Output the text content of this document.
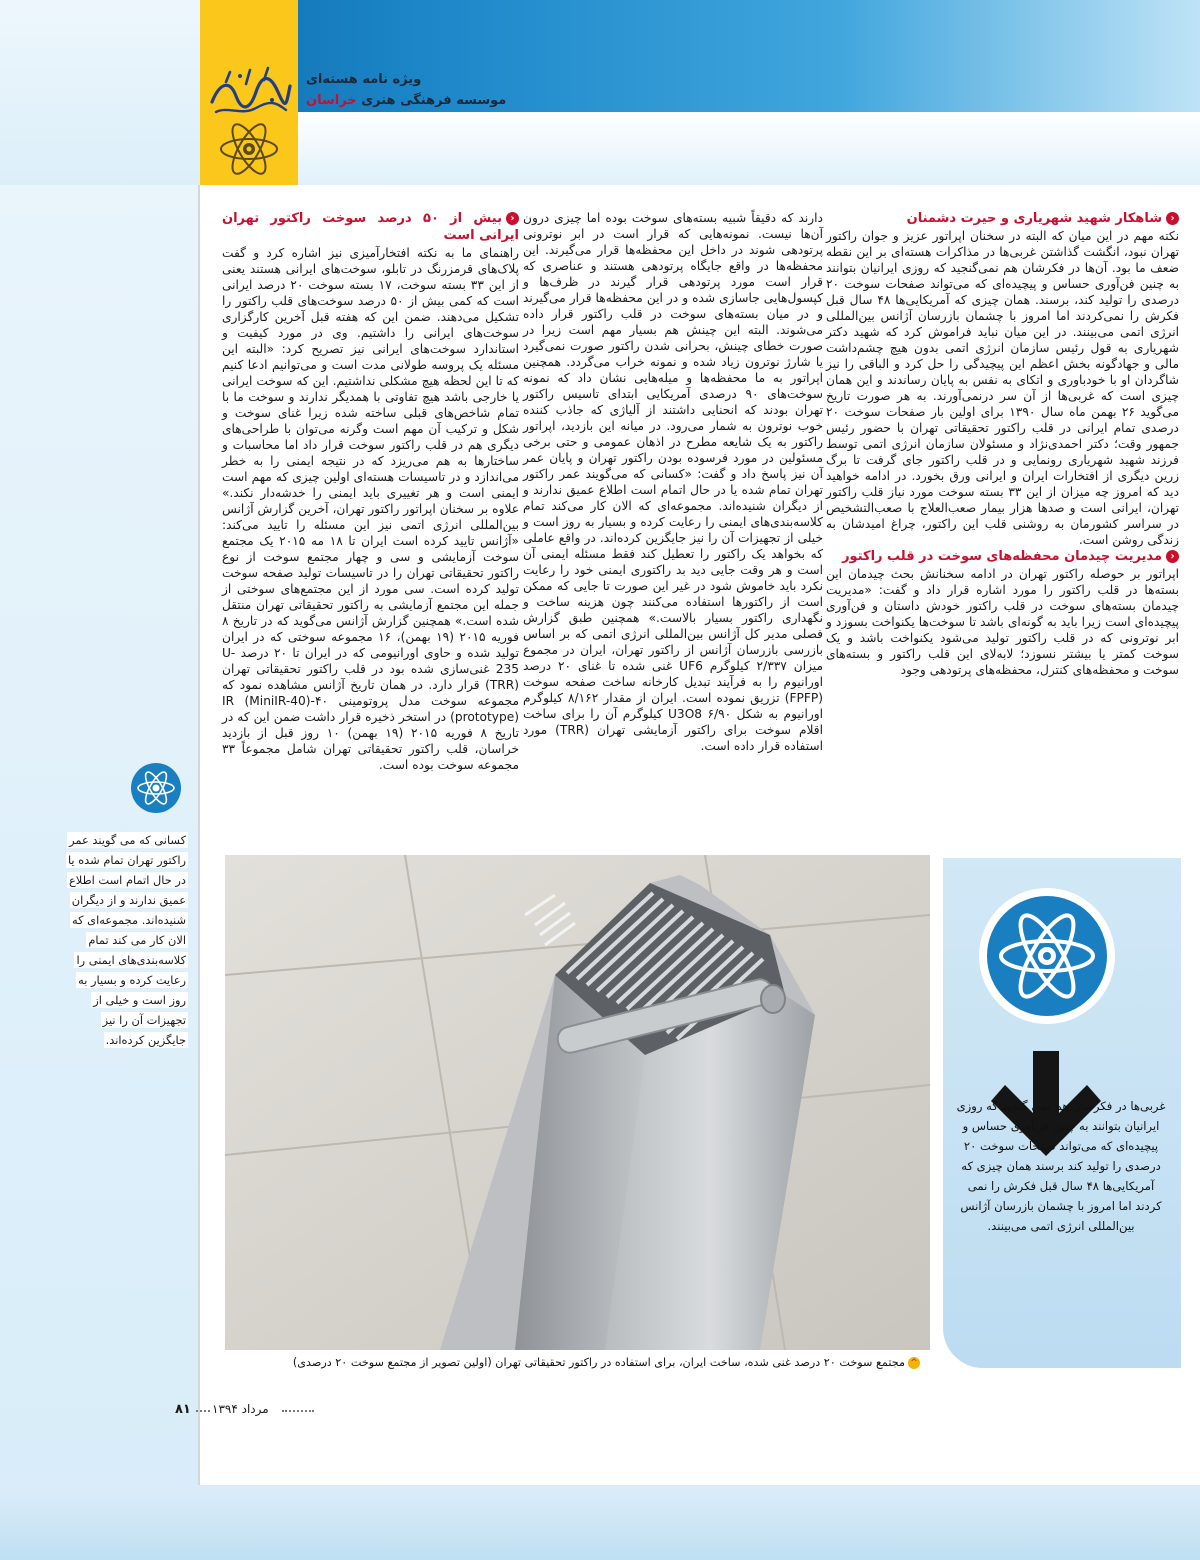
ویژه نامه هسته‌ای
موسسه فرهنگی هنری خراسان
‹شاهکار شهید شهریاری و حیرت دشمنان

نکته مهم در این میان که البته در سخنان اپراتور عزیز و جوان راکتور تهران نبود، انگشت گذاشتن غربی‌ها در مذاکرات هسته‌ای بر این نقطه ضعف ما بود. آن‌ها در فکرشان هم نمی‌گنجید که روزی ایرانیان بتوانند به چنین فن‌آوری حساس و پیچیده‌ای که می‌تواند صفحات سوخت ۲۰ درصدی را تولید کند، برسند. همان چیزی که آمریکایی‌ها ۴۸ سال قبل فکرش را نمی‌کردند اما امروز با چشمان بازرسان آژانس بین‌المللی انرژی اتمی می‌بینند. در این میان نباید فراموش کرد که شهید دکتر شهریاری به قول رئیس سازمان انرژی اتمی بدون هیچ چشم‌داشت مالی و جهادگونه بخش اعظم این پیچیدگی را حل کرد و الباقی را نیز شاگردان او با خودباوری و اتکای به نفس به پایان رساندند و این همان چیزی است که غربی‌ها از آن سر درنمی‌آورند. به هر صورت تاریخ می‌گوید ۲۶ بهمن ماه سال ۱۳۹۰ برای اولین بار صفحات سوخت ۲۰ درصدی تمام ایرانی در قلب راکتور تحقیقاتی تهران با حضور رئیس جمهور وقت؛ دکتر احمدی‌نژاد و مسئولان سازمان انرژی اتمی توسط فرزند شهید شهریاری رونمایی و در قلب راکتور جای گرفت تا برگ زرین دیگری از افتخارات ایران و ایرانی ورق بخورد. در ادامه خواهید دید که امروز چه میزان از این ۳۳ بسته سوخت مورد نیاز قلب راکتور تهران، ایرانی است و صدها هزار بیمار صعب‌العلاج با صعب‌التشخیص در سراسر کشورمان به روشنی قلب این راکتور، چراغ امیدشان به زندگی روشن است.

‹مدیریت چیدمان محفظه‌های سوخت در قلب راکتور

اپراتور بر حوصله راکتور تهران در ادامه سخنانش بحث چیدمان این بسته‌ها در قلب راکتور را مورد اشاره قرار داد و گفت: «مدیریت چیدمان بسته‌های سوخت در قلب راکتور خودش داستان و فن‌آوری پیچیده‌ای است زیرا باید به گونه‌ای باشد تا سوخت‌ها یکنواخت بسوزد و ابر نوترونی که در قلب راکتور تولید می‌شود یکنواخت باشد و یک سوخت کمتر یا بیشتر نسوزد؛ لابه‌لای این قلب راکتور و بسته‌های سوخت و محفظه‌های کنترل، محفظه‌های پرتودهی وجود

دارند که دقیقاً شبیه بسته‌های سوخت بوده اما چیزی درون آن‌ها نیست. نمونه‌هایی که قرار است در ابر نوترونی پرتودهی شوند در داخل این محفظه‌ها قرار می‌گیرند. این محفظه‌ها در واقع جایگاه پرتودهی هستند و عناصری که قرار است مورد پرتودهی قرار گیرند در ظرف‌ها و کپسول‌هایی جاسازی شده و در این محفظه‌ها قرار می‌گیرند و در میان بسته‌های سوخت در قلب راکتور قرار داده می‌شوند. البته این چینش هم بسیار مهم است زیرا در صورت خطای چینش، بحرانی شدن راکتور صورت نمی‌گیرد یا شارژ نوترون زیاد شده و نمونه خراب می‌گردد. همچنین اپراتور به ما محفظه‌ها و میله‌هایی نشان داد که نمونه سوخت‌های ۹۰ درصدی آمریکایی ابتدای تاسیس راکتور تهران بودند که انحنایی داشتند از آلیاژی که جاذب کننده خوب نوترون به شمار می‌رود. در میانه این بازدید، اپراتور راکتور به یک شایعه مطرح در اذهان عمومی و حتی برخی مسئولین در مورد فرسوده بودن راکتور تهران و پایان عمر آن نیز پاسخ داد و گفت: «کسانی که می‌گویند عمر راکتور تهران تمام شده یا در حال اتمام است اطلاع عمیق ندارند و از دیگران شنیده‌اند. مجموعه‌ای که الان کار می‌کند تمام کلاسه‌بندی‌های ایمنی را رعایت کرده و بسیار به روز است و خیلی از تجهیزات آن را نیز جایگزین کرده‌اند. در واقع عاملی که بخواهد یک راکتور را تعطیل کند فقط مسئله ایمنی آن است و هر وقت جایی دید بد راکتوری ایمنی خود را رعایت نکرد باید خاموش شود در غیر این صورت تا جایی که ممکن است از راکتورها استفاده می‌کنند چون هزینه ساخت و نگهداری راکتور بسیار بالاست.» همچنین طبق گزارش فصلی مدیر کل آژانس بین‌المللی انرژی اتمی که بر اساس بازرسی بازرسان آژانس از راکتور تهران، ایران در مجموع میزان ۲/۳۳۷ کیلوگرم UF6 غنی شده تا غنای ۲۰ درصد اورانیوم را به فرآیند تبدیل کارخانه ساخت صفحه سوخت (FPFP) تزریق نموده است. ایران از مقدار ۸/۱۶۲ کیلوگرم اورانیوم به شکل U3O8 ۶/۹۰ کیلوگرم آن را برای ساخت اقلام سوخت برای راکتور آزمایشی تهران (TRR) مورد استفاده قرار داده است.

‹بیش از ۵۰ درصد سوخت راکتور تهران ایرانی است

راهنمای ما به نکته افتخارآمیزی نیز اشاره کرد و گفت پلاک‌های قرمزرنگ در تابلو، سوخت‌های ایرانی هستند یعنی از این ۳۳ بسته سوخت، ۱۷ بسته سوخت ۲۰ درصد ایرانی است که کمی بیش از ۵۰ درصد سوخت‌های قلب راکتور را تشکیل می‌دهند. ضمن این که هفته قبل آخرین کارگزاری سوخت‌های ایرانی را داشتیم. وی در مورد کیفیت و استاندارد سوخت‌های ایرانی نیز تصریح کرد: «البته این مسئله یک پروسه طولانی مدت است و می‌توانیم ادعا کنیم که تا این لحظه هیچ مشکلی نداشتیم. این که سوخت ایرانی یا خارجی باشد هیچ تفاوتی با همدیگر ندارند و سوخت ما با تمام شاخص‌های قبلی ساخته شده زیرا غنای سوخت و شکل و ترکیب آن مهم است وگرنه می‌توان با طراحی‌های دیگری هم در قلب راکتور سوخت قرار داد اما محاسبات و ساختارها به هم می‌ریزد که در نتیجه ایمنی را به خطر می‌اندازد و در تاسیسات هسته‌ای اولین چیزی که مهم است ایمنی است و هر تغییری باید ایمنی را خدشه‌دار نکند.» علاوه بر سخنان اپراتور راکتور تهران، آخرین گزارش آژانس بین‌المللی انرژی اتمی نیز این مسئله را تایید می‌کند: «آژانس تایید کرده است ایران تا ۱۸ مه ۲۰۱۵ یک مجتمع سوخت آزمایشی و سی و چهار مجتمع سوخت از نوع راکتور تحقیقاتی تهران را در تاسیسات تولید صفحه سوخت تولید کرده است. سی مورد از این مجتمع‌های سوختی از جمله این مجتمع آزمایشی به راکتور تحقیقاتی تهران منتقل شده است.» همچنین گزارش آژانس می‌گوید که در تاریخ ۸ فوریه ۲۰۱۵ (۱۹ بهمن)، ۱۶ مجموعه سوختی که در ایران تولید شده و حاوی اورانیومی که در ایران تا ۲۰ درصد U-235 غنی‌سازی شده بود در قلب راکتور تحقیقاتی تهران (TRR) قرار دارد. در همان تاریخ آژانس مشاهده نمود که مجموعه سوخت مدل پروتومینی ۴۰-IR (MiniIR-40) (prototype) در استخر ذخیره قرار داشت ضمن این که در تاریخ ۸ فوریه ۲۰۱۵ (۱۹ بهمن) ۱۰ روز قبل از بازدید خراسان، قلب راکتور تحقیقاتی تهران شامل مجموعاً ۳۳ مجموعه سوخت بوده است.

کسانی که می گویند عمر راکتور تهران تمام شده یا در حال اتمام است اطلاع عمیق ندارند و از دیگران شنیده‌اند. مجموعه‌ای که الان کار می کند تمام کلاسه‌بندی‌های ایمنی را رعایت کرده و بسیار به روز است و خیلی از تجهیزات آن را نیز جایگزین کرده‌اند.
غربی‌ها در فکرشان هم نمی گنجید که روزی ایرانیان بتوانند به چنین فن‌آوری حساس و پیچیده‌ای که می‌تواند صفحات سوخت ۲۰ درصدی را تولید کند برسند همان چیزی که آمریکایی‌ها ۴۸ سال قبل فکرش را نمی کردند اما امروز با چشمان بازرسان آژانس بین‌المللی انرژی اتمی می‌بینند.
^مجتمع سوخت ۲۰ درصد غنی شده، ساخت ایران، برای استفاده در راکتور تحقیقاتی تهران (اولین تصویر از مجتمع سوخت ۲۰ درصدی)
۸۱ مرداد ۱۳۹۴
